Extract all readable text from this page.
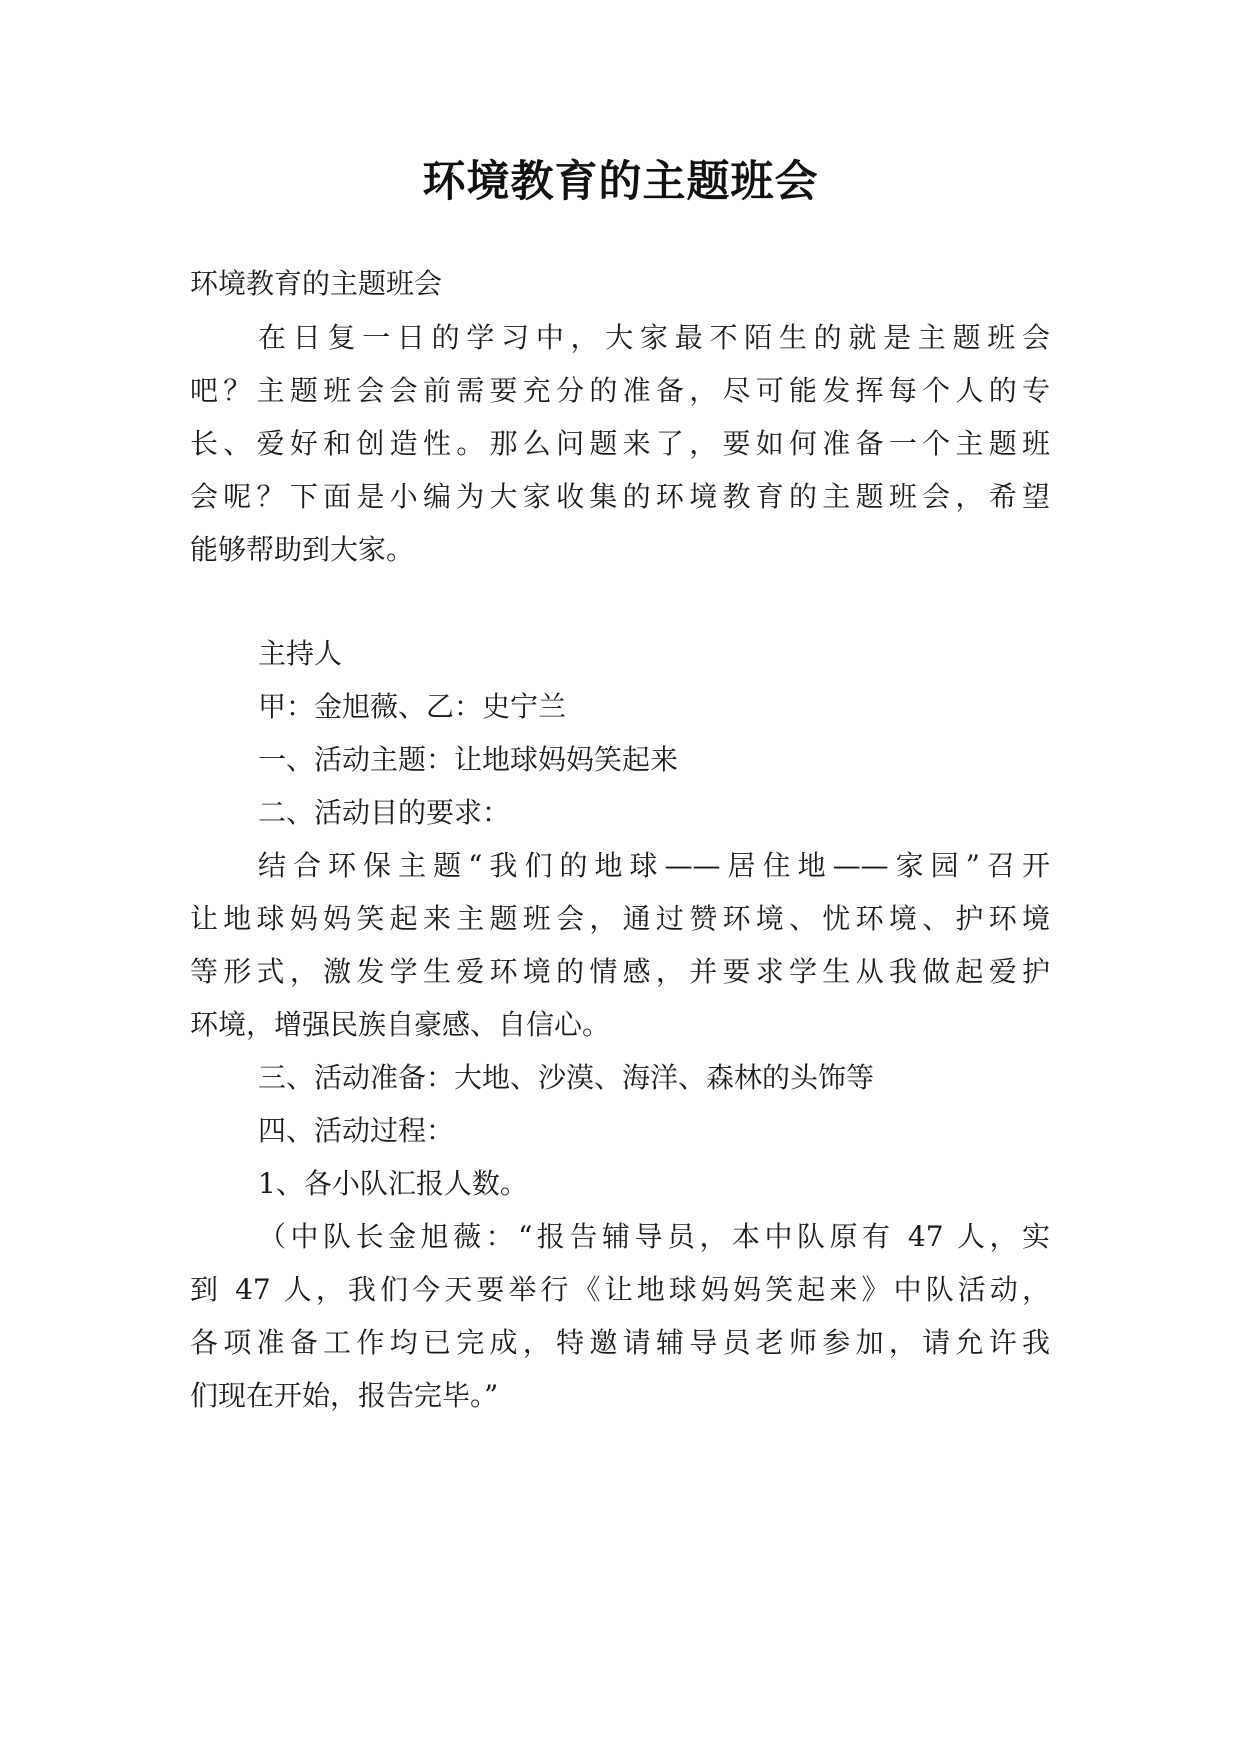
环境教育的主题班会
环境教育的主题班会
在日复一日的学习中，大家最不陌生的就是主题班会
吧？主题班会会前需要充分的准备，尽可能发挥每个人的专
长、爱好和创造性。那么问题来了，要如何准备一个主题班
会呢？下面是小编为大家收集的环境教育的主题班会，希望
能够帮助到大家。
主持人
甲：金旭薇、乙：史宁兰
一、活动主题：让地球妈妈笑起来
二、活动目的要求：
结合环保主题“我们的地球——居住地——家园”召开
让地球妈妈笑起来主题班会，通过赞环境、忧环境、护环境
等形式，激发学生爱环境的情感，并要求学生从我做起爱护
环境，增强民族自豪感、自信心。
三、活动准备：大地、沙漠、海洋、森林的头饰等
四、活动过程：
1、各小队汇报人数。
（中队长金旭薇：“报告辅导员，本中队原有 47 人，实
到 47 人，我们今天要举行《让地球妈妈笑起来》中队活动，
各项准备工作均已完成，特邀请辅导员老师参加，请允许我
们现在开始，报告完毕。”
